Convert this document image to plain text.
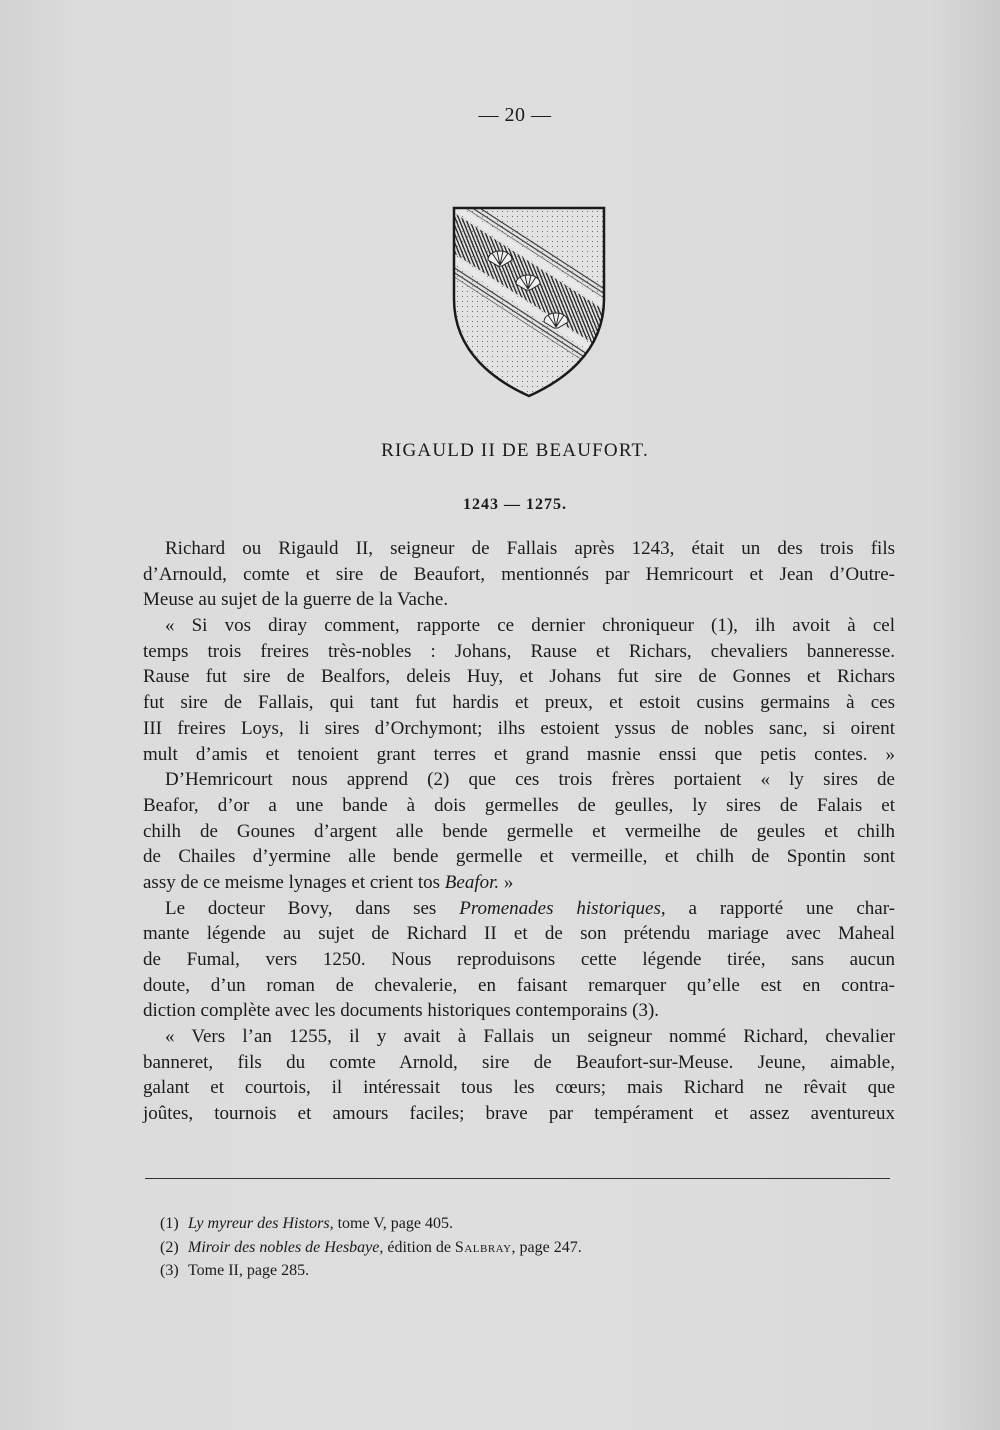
— 20 —
RIGAULD II DE BEAUFORT.
1243 — 1275.
Richard ou Rigauld II, seigneur de Fallais après 1243, était un des trois fils
d’Arnould, comte et sire de Beaufort, mentionnés par Hemricourt et Jean d’Outre-
Meuse au sujet de la guerre de la Vache.
« Si vos diray comment, rapporte ce dernier chroniqueur (1), ilh avoit à cel
temps trois freires très-nobles : Johans, Rause et Richars, chevaliers banneresse.
Rause fut sire de Bealfors, deleis Huy, et Johans fut sire de Gonnes et Richars
fut sire de Fallais, qui tant fut hardis et preux, et estoit cusins germains à ces
III freires Loys, li sires d’Orchymont; ilhs estoient yssus de nobles sanc, si oirent
mult d’amis et tenoient grant terres et grand masnie enssi que petis contes. »
D’Hemricourt nous apprend (2) que ces trois frères portaient « ly sires de
Beafor, d’or a une bande à dois germelles de geulles, ly sires de Falais et
chilh de Gounes d’argent alle bende germelle et vermeilhe de geules et chilh
de Chailes d’yermine alle bende germelle et vermeille, et chilh de Spontin sont
assy de ce meisme lynages et crient tos Beafor. »
Le docteur Bovy, dans ses Promenades historiques, a rapporté une char-
mante légende au sujet de Richard II et de son prétendu mariage avec Maheal
de Fumal, vers 1250. Nous reproduisons cette légende tirée, sans aucun
doute, d’un roman de chevalerie, en faisant remarquer qu’elle est en contra-
diction complète avec les documents historiques contemporains (3).
« Vers l’an 1255, il y avait à Fallais un seigneur nommé Richard, chevalier
banneret, fils du comte Arnold, sire de Beaufort-sur-Meuse. Jeune, aimable,
galant et courtois, il intéressait tous les cœurs; mais Richard ne rêvait que
joûtes, tournois et amours faciles; brave par tempérament et assez aventureux
(1) Ly myreur des Histors, tome V, page 405.
(2) Miroir des nobles de Hesbaye, édition de Salbray, page 247.
(3) Tome II, page 285.
